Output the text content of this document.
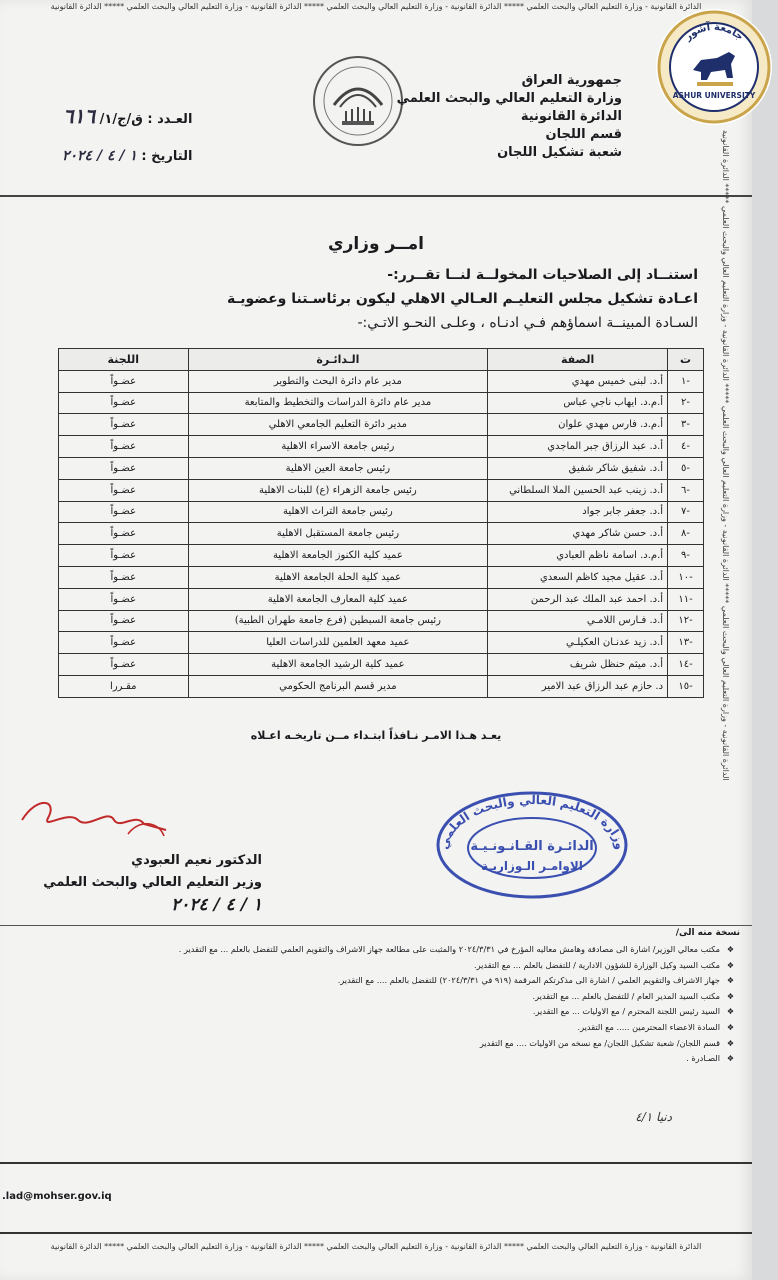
الدائرة القانونية - وزارة التعليم العالي والبحث العلمي ***** الدائرة القانونية - وزارة التعليم العالي والبحث العلمي ***** الدائرة القانونية - وزارة التعليم العالي والبحث العلمي ***** الدائرة القانونية
جمهورية العراق
وزارة التعليم العالي والبحث العلمي
الدائرة القانونية
قسم اللجان
شعبة تشكيل اللجان
العـدد : ق/ج/١/ ٦١٦
التاريخ : ١ / ٤ / ٢٠٢٤
امــر وزاري
استنــاد إلى الصلاحيات المخولــة لنــا تقــرر:-
اعـادة تشكيل مجلس التعليـم العـالي الاهلي ليكون برئاسـتنا وعضويـة
السـادة المبينــة اسماؤهم فـي ادنـاه ، وعلـى النحـو الاتـي:-
ت	الصفة	الـدائـرة	اللجنة
-١	أ.د. لبنى خميس مهدي	مدير عام دائرة البحث والتطوير	عضـواً
-٢	أ.م.د. ايهاب ناجي عباس	مدير عام دائرة الدراسات والتخطيط والمتابعة	عضـواً
-٣	أ.م.د. فارس مهدي علوان	مدير دائرة التعليم الجامعي الاهلي	عضـواً
-٤	أ.د. عبد الرزاق جبر الماجدي	رئيس جامعة الاسراء الاهلية	عضـواً
-٥	أ.د. شفيق شاكر شفيق	رئيس جامعة العين الاهلية	عضـواً
-٦	أ.د. زينب عبد الحسين الملا السلطاني	رئيس جامعة الزهراء (ع) للبنات الاهلية	عضـواً
-٧	أ.د. جعفر جابر جواد	رئيس جامعة التراث الاهلية	عضـواً
-٨	أ.د. حسن شاكر مهدي	رئيس جامعة المستقبل الاهلية	عضـواً
-٩	أ.م.د. اسامة ناظم العبادي	عميد كلية الكنوز الجامعة الاهلية	عضـواً
-١٠	أ.د. عقيل مجيد كاظم السعدي	عميد كلية الحلة الجامعة الاهلية	عضـواً
-١١	أ.د. احمد عبد الملك عبد الرحمن	عميد كلية المعارف الجامعة الاهلية	عضـواً
-١٢	أ.د. فـارس اللامـي	رئيس جامعة السبطين (فرع جامعة طهران الطبية)	عضـواً
-١٣	أ.د. زيد عدنـان العكيلـي	عميد معهد العلمين للدراسات العليا	عضـواً
-١٤	أ.د. ميثم حنظل شريف	عميد كلية الرشيد الجامعة الاهلية	عضـواً
-١٥	د. حازم عبد الرزاق عبد الامير	مدير قسم البرنامج الحكومي	مقـررا
يعـد هـذا الامـر نـافذاً ابتـداء مــن تاريخـه اعـلاه
وزارة التعليم العالي والبحث العلمي
الدائـرة القـانـونـيـة
الاوامـر الـوزاريـة
الدكتور نعيم العبودي
وزير التعليم العالي والبحث العلمي
١ / ٤ / ٢٠٢٤
نسخة منه الى/
❖ مكتب معالي الوزير/ اشارة الى مصادقة وهامش معاليه المؤرخ في ٢٠٢٤/٣/٣١ والمثبت على مطالعة جهاز الاشراف والتقويم العلمي للتفضل بالعلم ... مع التقدير .
❖ مكتب السيد وكيل الوزارة للشؤون الادارية / للتفضل بالعلم ... مع التقدير.
❖ جهاز الاشراف والتقويم العلمي / اشارة الى مذكرتكم المرقمة (٩١٩ في ٢٠٢٤/٣/٣١) للتفضل بالعلم .... مع التقدير.
❖ مكتب السيد المدير العام / للتفضل بالعلم ... مع التقدير.
❖ السيد رئيس اللجنة المحترم / مع الاوليات ... مع التقدير.
❖ السادة الاعضاء المحترمين ..... مع التقدير.
❖ قسم اللجان/ شعبة تشكيل اللجان/ مع نسخه من الاوليات .... مع التقدير
❖ الصـادرة .
دنيا ٤/١
.lad@mohser.gov.iq
الدائرة القانونية - وزارة التعليم العالي والبحث العلمي ***** الدائرة القانونية - وزارة التعليم العالي والبحث العلمي ***** الدائرة القانونية - وزارة التعليم العالي والبحث العلمي ***** الدائرة القانونية
الدائرة القانونية - وزارة التعليم العالي والبحث العلمي ***** الدائرة القانونية - وزارة التعليم العالي والبحث العلمي ***** الدائرة القانونية - وزارة التعليم العالي والبحث العلمي ***** الدائرة القانونية
جامعة آشور
ASHUR UNIVERSITY
